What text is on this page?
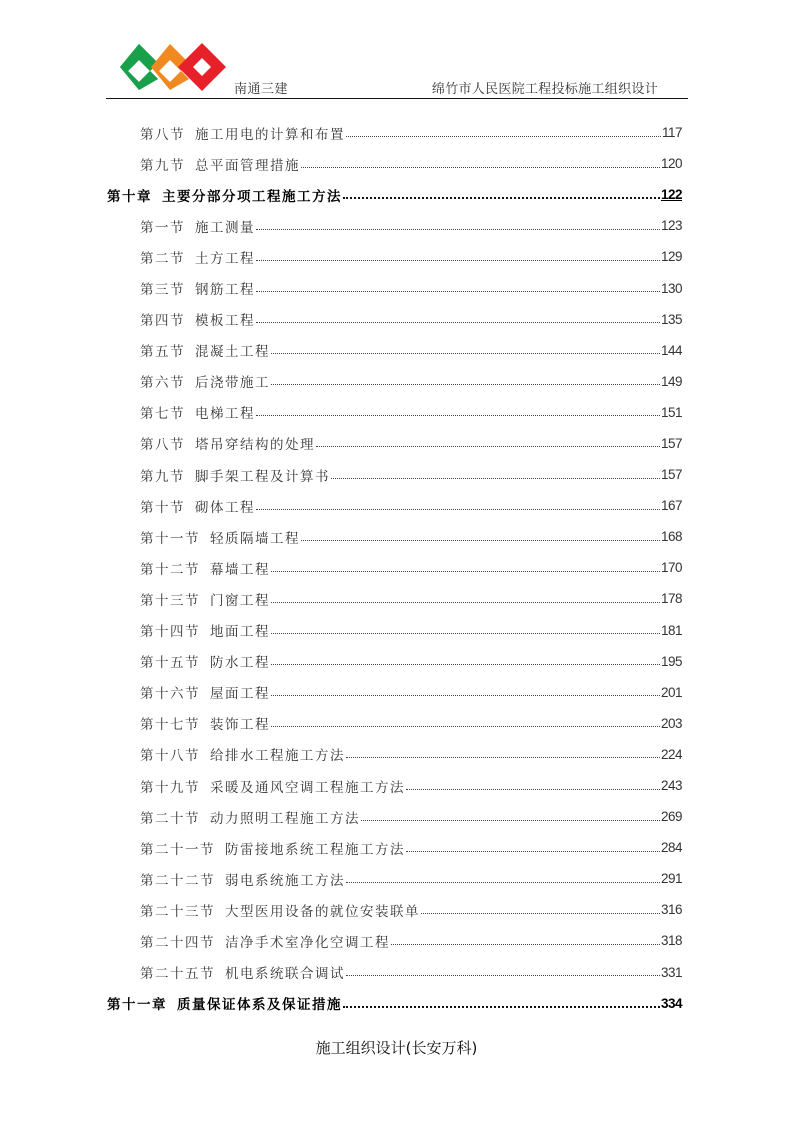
南通三建	绵竹市人民医院工程投标施工组织设计
第八节 施工用电的计算和布置	117
第九节 总平面管理措施	120
第十章 主要分部分项工程施工方法	122
第一节 施工测量	123
第二节 土方工程	129
第三节 钢筋工程	130
第四节 模板工程	135
第五节 混凝土工程	144
第六节 后浇带施工	149
第七节 电梯工程	151
第八节 塔吊穿结构的处理	157
第九节 脚手架工程及计算书	157
第十节 砌体工程	167
第十一节 轻质隔墙工程	168
第十二节 幕墙工程	170
第十三节 门窗工程	178
第十四节 地面工程	181
第十五节 防水工程	195
第十六节 屋面工程	201
第十七节 装饰工程	203
第十八节 给排水工程施工方法	224
第十九节 采暖及通风空调工程施工方法	243
第二十节 动力照明工程施工方法	269
第二十一节 防雷接地系统工程施工方法	284
第二十二节 弱电系统施工方法	291
第二十三节 大型医用设备的就位安装联单	316
第二十四节 洁净手术室净化空调工程	318
第二十五节 机电系统联合调试	331
第十一章 质量保证体系及保证措施	334
施工组织设计(长安万科)
